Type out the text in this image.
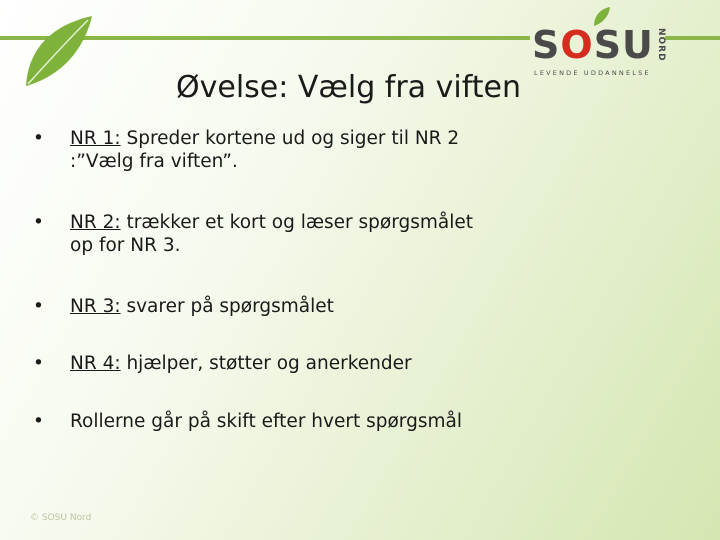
SOSU NORD
LEVENDE UDDANNELSE
Øvelse: Vælg fra viften
• NR 1: Spreder kortene ud og siger til NR 2 :”Vælg fra viften”.
• NR 2: trækker et kort og læser spørgsmålet op for NR 3.
• NR 3: svarer på spørgsmålet
• NR 4: hjælper, støtter og anerkender
• Rollerne går på skift efter hvert spørgsmål
© SOSU Nord
